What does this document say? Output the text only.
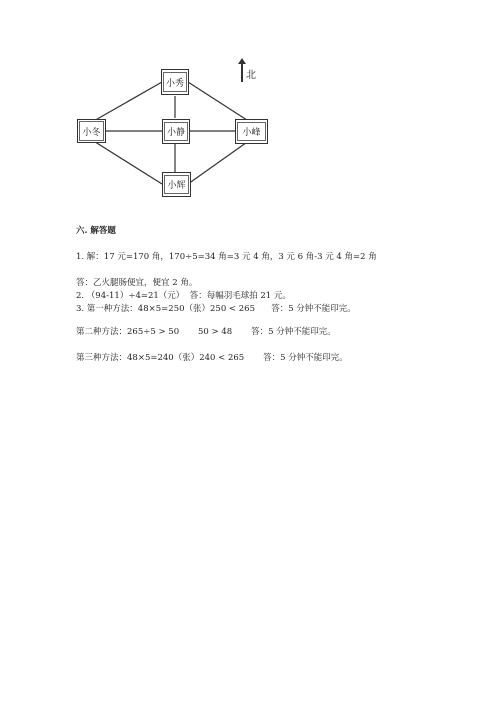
小秀
小冬	小静	小峰
小辉
北
六. 解答题
1. 解：17 元=170 角，170÷5=34 角=3 元 4 角，3 元 6 角-3 元 4 角=2 角
答：乙火腿肠便宜，便宜 2 角。
2. （94-11）÷4=21（元）  答：每幅羽毛球拍 21 元。
3. 第一种方法：48×5=250（张）250 < 265      答：5 分钟不能印完。
第二种方法：265÷5 > 50       50 > 48       答：5 分钟不能印完。
第三种方法：48×5=240（张）240 < 265       答：5 分钟不能印完。
